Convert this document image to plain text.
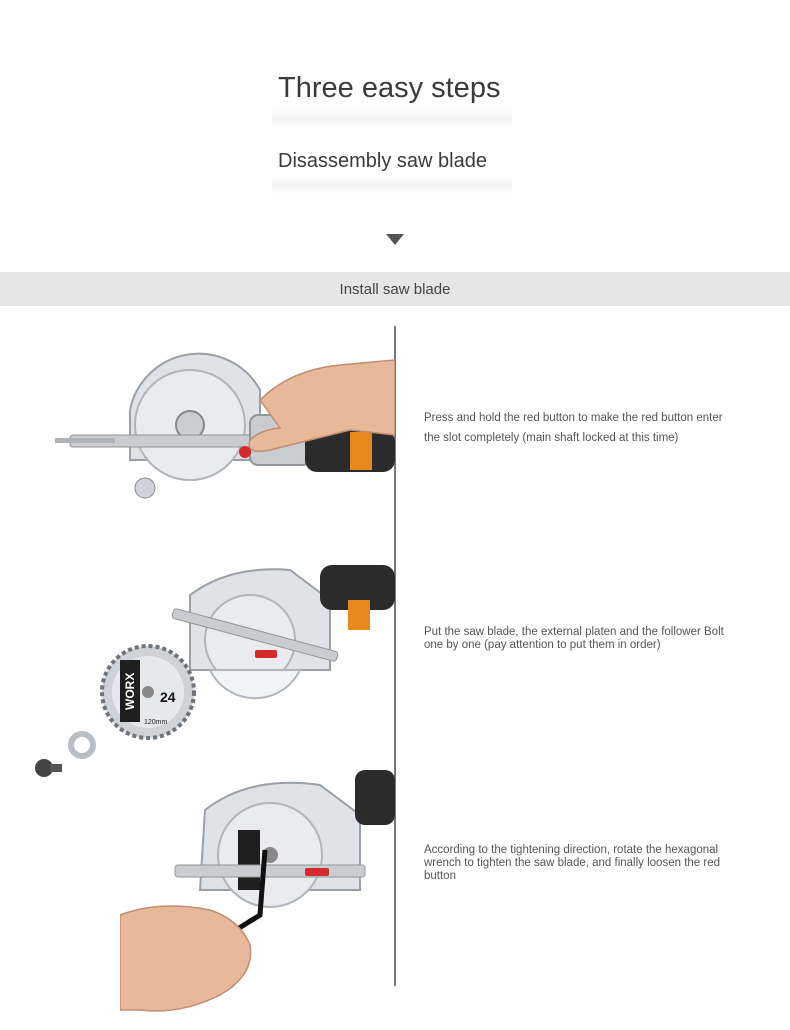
Three easy steps
Disassembly saw blade
Install saw blade
Press and hold the red button to make the red button enter the slot completely (main shaft locked at this time)
WORX 24
120mm
Put the saw blade, the external platen and the follower Bolt one by one (pay attention to put them in order)
According to the tightening direction, rotate the hexagonal wrench to tighten the saw blade, and finally loosen the red button
